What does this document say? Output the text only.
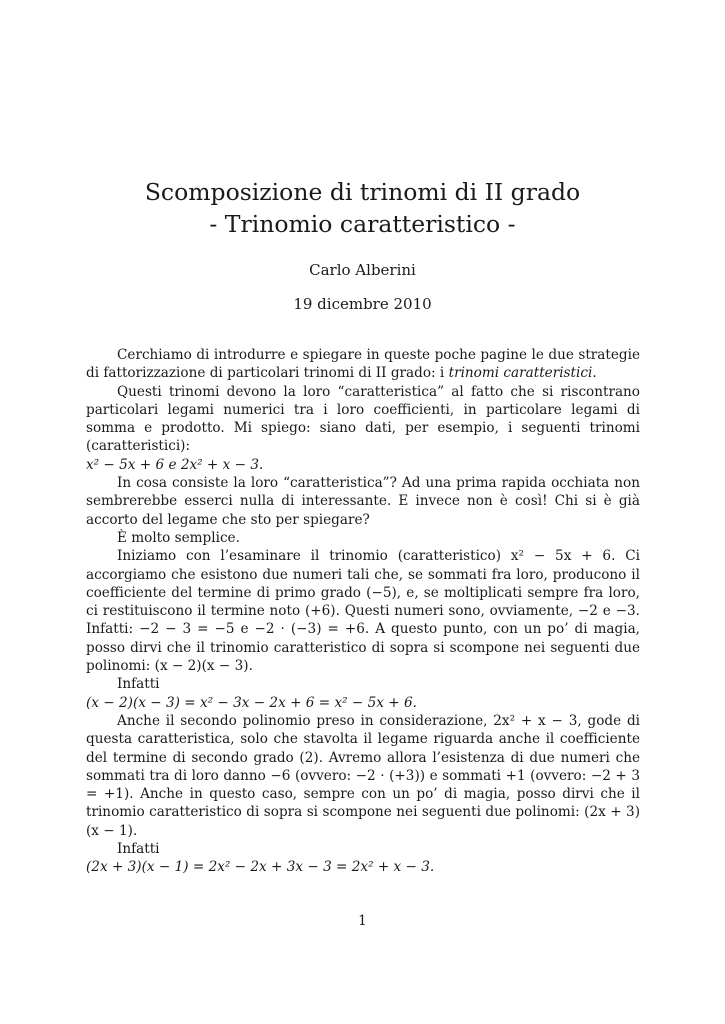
Scomposizione di trinomi di II grado
- Trinomio caratteristico -
Carlo Alberini
19 dicembre 2010

Cerchiamo di introdurre e spiegare in queste poche pagine le due strategie di fattorizzazione di particolari trinomi di II grado: i trinomi caratteristici.

Questi trinomi devono la loro “caratteristica” al fatto che si riscontrano particolari legami numerici tra i loro coefficienti, in particolare legami di somma e prodotto. Mi spiego: siano dati, per esempio, i seguenti trinomi (caratteristici):

x² − 5x + 6 e 2x² + x − 3.

In cosa consiste la loro “caratteristica”? Ad una prima rapida occhiata non sembrerebbe esserci nulla di interessante. E invece non è così! Chi si è già accorto del legame che sto per spiegare?

È molto semplice.

Iniziamo con l’esaminare il trinomio (caratteristico) x² − 5x + 6. Ci accorgiamo che esistono due numeri tali che, se sommati fra loro, producono il coefficiente del termine di primo grado (−5), e, se moltiplicati sempre fra loro, ci restituiscono il termine noto (+6). Questi numeri sono, ovviamente, −2 e −3. Infatti: −2 − 3 = −5 e −2 · (−3) = +6. A questo punto, con un po’ di magia, posso dirvi che il trinomio caratteristico di sopra si scompone nei seguenti due polinomi: (x − 2)(x − 3).

Infatti

(x − 2)(x − 3) = x² − 3x − 2x + 6 = x² − 5x + 6.

Anche il secondo polinomio preso in considerazione, 2x² + x − 3, gode di questa caratteristica, solo che stavolta il legame riguarda anche il coefficiente del termine di secondo grado (2). Avremo allora l’esistenza di due numeri che sommati tra di loro danno −6 (ovvero: −2 · (+3)) e sommati +1 (ovvero: −2 + 3 = +1). Anche in questo caso, sempre con un po’ di magia, posso dirvi che il trinomio caratteristico di sopra si scompone nei seguenti due polinomi: (2x + 3)(x − 1).

Infatti

(2x + 3)(x − 1) = 2x² − 2x + 3x − 3 = 2x² + x − 3.

1
